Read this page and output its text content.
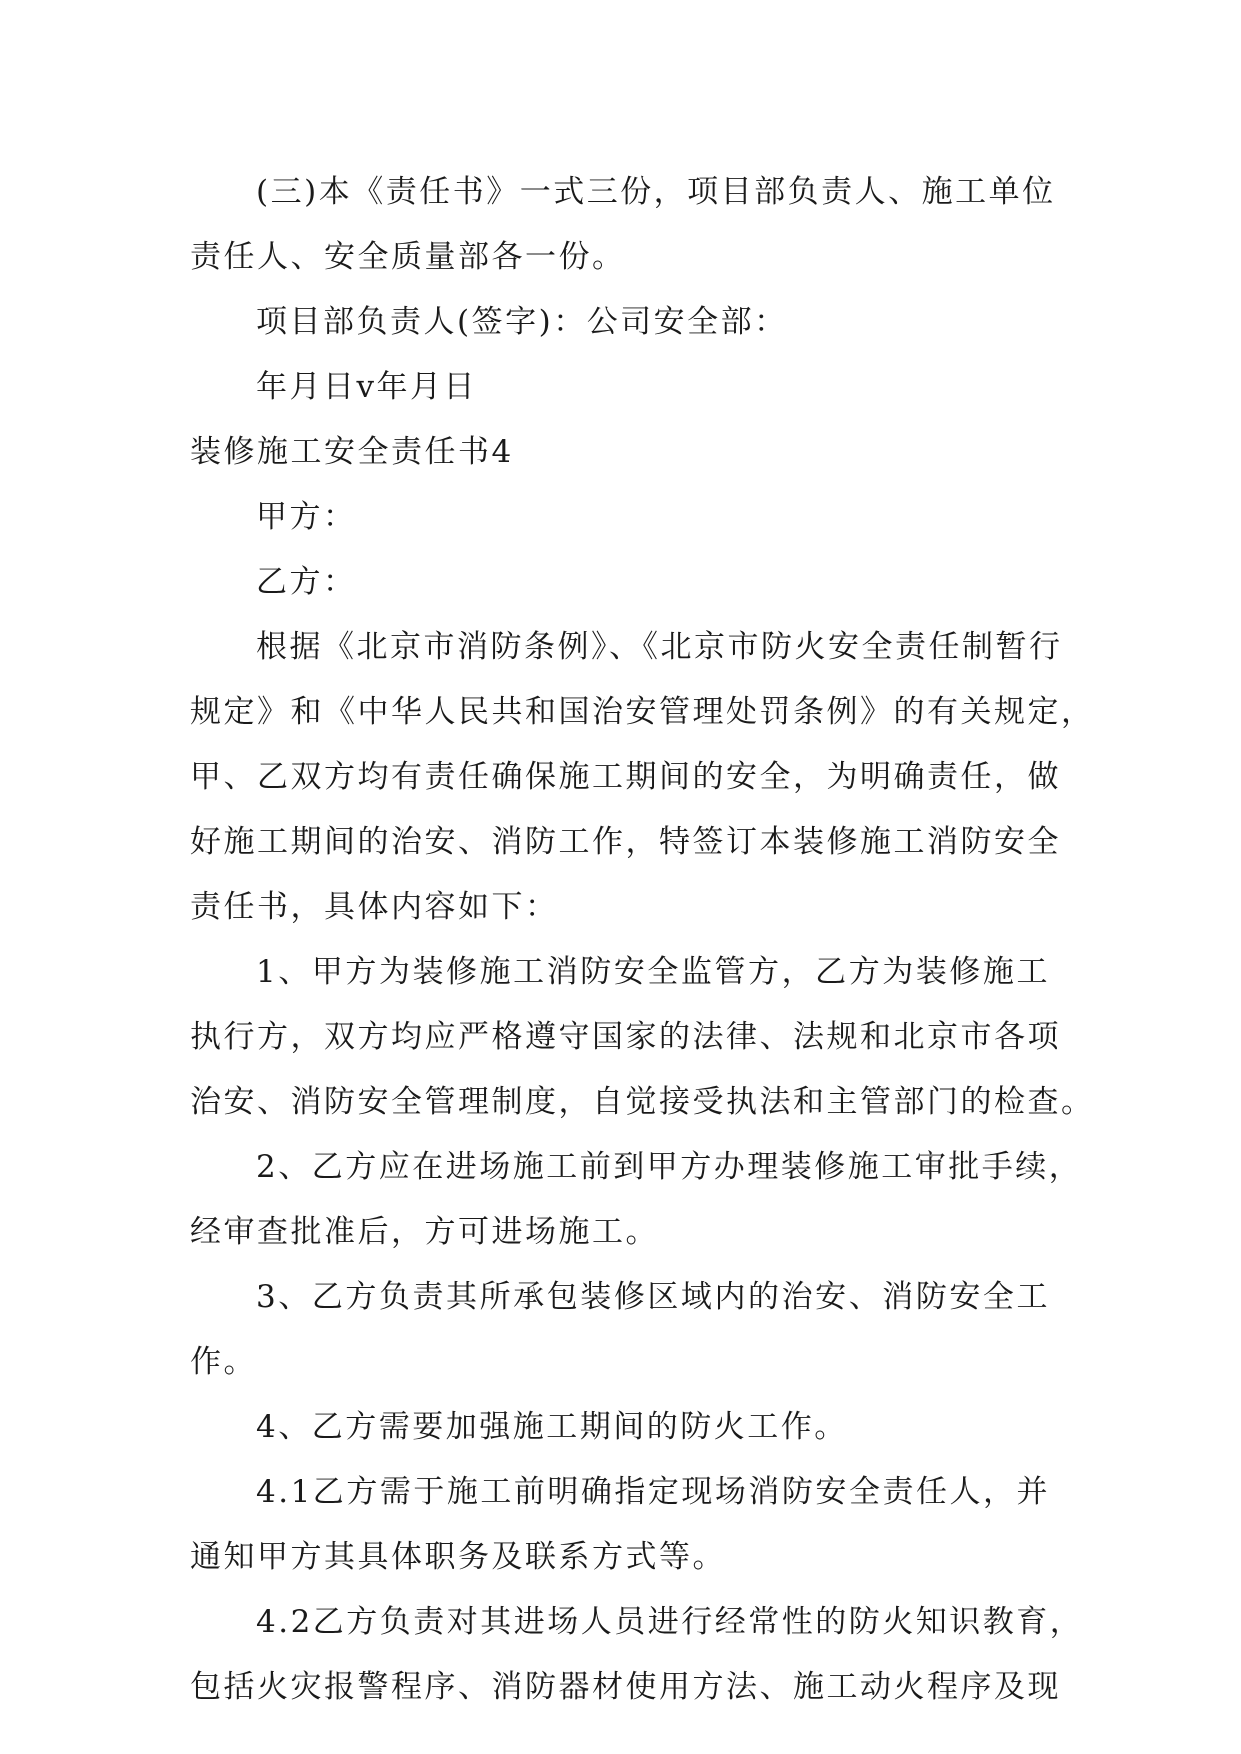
(三)本《责任书》一式三份，项目部负责人、施工单位
责任人、安全质量部各一份。
项目部负责人(签字)：公司安全部：
年月日v年月日
装修施工安全责任书4
甲方：
乙方：
根据《北京市消防条例》、《北京市防火安全责任制暂行
规定》和《中华人民共和国治安管理处罚条例》的有关规定，
甲、乙双方均有责任确保施工期间的安全，为明确责任，做
好施工期间的治安、消防工作，特签订本装修施工消防安全
责任书，具体内容如下：
1、甲方为装修施工消防安全监管方，乙方为装修施工
执行方，双方均应严格遵守国家的法律、法规和北京市各项
治安、消防安全管理制度，自觉接受执法和主管部门的检查。
2、乙方应在进场施工前到甲方办理装修施工审批手续，
经审查批准后，方可进场施工。
3、乙方负责其所承包装修区域内的治安、消防安全工
作。
4、乙方需要加强施工期间的防火工作。
4.1乙方需于施工前明确指定现场消防安全责任人，并
通知甲方其具体职务及联系方式等。
4.2乙方负责对其进场人员进行经常性的防火知识教育，
包括火灾报警程序、消防器材使用方法、施工动火程序及现
